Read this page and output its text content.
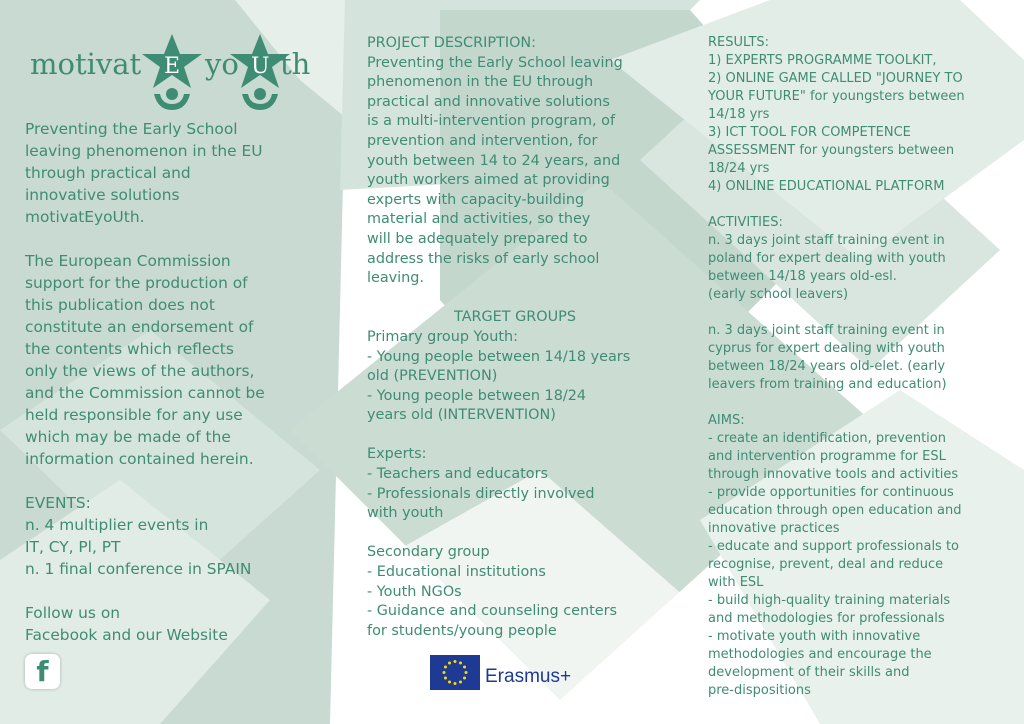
motivat E yo U th
Preventing the Early School
leaving phenomenon in the EU
through practical and
innovative solutions
motivatEyoUth.
The European Commission
support for the production of
this publication does not
constitute an endorsement of
the contents which reflects
only the views of the authors,
and the Commission cannot be
held responsible for any use
which may be made of the
information contained herein.
EVENTS:
n. 4 multiplier events in
IT, CY, Pl, PT
n. 1 final conference in SPAIN
Follow us on
Facebook and our Website
f
PROJECT DESCRIPTION:
Preventing the Early School leaving
phenomenon in the EU through
practical and innovative solutions
is a multi-intervention program, of
prevention and intervention, for
youth between 14 to 24 years, and
youth workers aimed at providing
experts with capacity-building
material and activities, so they
will be adequately prepared to
address the risks of early school
leaving.
TARGET GROUPS
Primary group Youth:
- Young people between 14/18 years
old (PREVENTION)
- Young people between 18/24
years old (INTERVENTION)
Experts:
- Teachers and educators
- Professionals directly involved
with youth
Secondary group
- Educational institutions
- Youth NGOs
- Guidance and counseling centers
for students/young people
Erasmus+
RESULTS:
1) EXPERTS PROGRAMME TOOLKIT,
2) ONLINE GAME CALLED "JOURNEY TO
YOUR FUTURE" for youngsters between
14/18 yrs
3) ICT TOOL FOR COMPETENCE
ASSESSMENT for youngsters between
18/24 yrs
4) ONLINE EDUCATIONAL PLATFORM
ACTIVITIES:
n. 3 days joint staff training event in
poland for expert dealing with youth
between 14/18 years old-esl.
(early school leavers)
n. 3 days joint staff training event in
cyprus for expert dealing with youth
between 18/24 years old-elet. (early
leavers from training and education)
AIMS:
- create an identification, prevention
and intervention programme for ESL
through innovative tools and activities
- provide opportunities for continuous
education through open education and
innovative practices
- educate and support professionals to
recognise, prevent, deal and reduce
with ESL
- build high-quality training materials
and methodologies for professionals
- motivate youth with innovative
methodologies and encourage the
development of their skills and
pre-dispositions
